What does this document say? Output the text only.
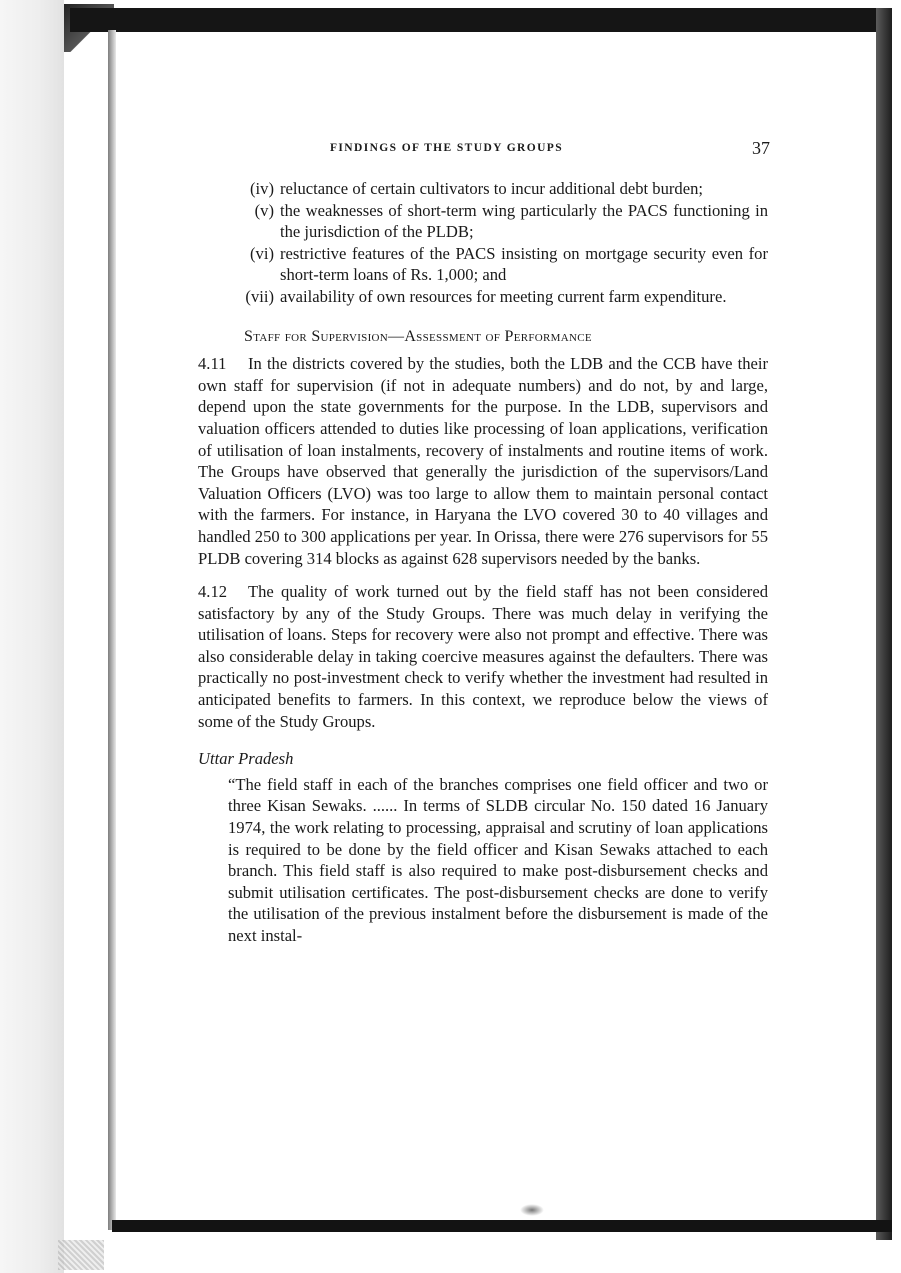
FINDINGS OF THE STUDY GROUPS	37
(iv) reluctance of certain cultivators to incur additional debt burden;
(v) the weaknesses of short-term wing particularly the PACS functioning in the jurisdiction of the PLDB;
(vi) restrictive features of the PACS insisting on mortgage security even for short-term loans of Rs. 1,000; and
(vii) availability of own resources for meeting current farm expenditure.
Staff for Supervision—Assessment of Performance

4.11 In the districts covered by the studies, both the LDB and the CCB have their own staff for supervision (if not in adequate numbers) and do not, by and large, depend upon the state governments for the purpose. In the LDB, supervisors and valuation officers attended to duties like processing of loan applications, verification of utilisation of loan instalments, recovery of instalments and routine items of work. The Groups have observed that generally the jurisdiction of the supervisors/Land Valuation Officers (LVO) was too large to allow them to maintain personal contact with the farmers. For instance, in Haryana the LVO covered 30 to 40 villages and handled 250 to 300 applications per year. In Orissa, there were 276 supervisors for 55 PLDB covering 314 blocks as against 628 supervisors needed by the banks.

4.12 The quality of work turned out by the field staff has not been considered satisfactory by any of the Study Groups. There was much delay in verifying the utilisation of loans. Steps for recovery were also not prompt and effective. There was also considerable delay in taking coercive measures against the defaulters. There was practically no post-investment check to verify whether the investment had resulted in anticipated benefits to farmers. In this context, we reproduce below the views of some of the Study Groups.

Uttar Pradesh

“The field staff in each of the branches comprises one field officer and two or three Kisan Sewaks. ...... In terms of SLDB circular No. 150 dated 16 January 1974, the work relating to processing, appraisal and scrutiny of loan applications is required to be done by the field officer and Kisan Sewaks attached to each branch. This field staff is also required to make post-disbursement checks and submit utilisation certificates. The post-disbursement checks are done to verify the utilisation of the previous instalment before the disbursement is made of the next instal-
